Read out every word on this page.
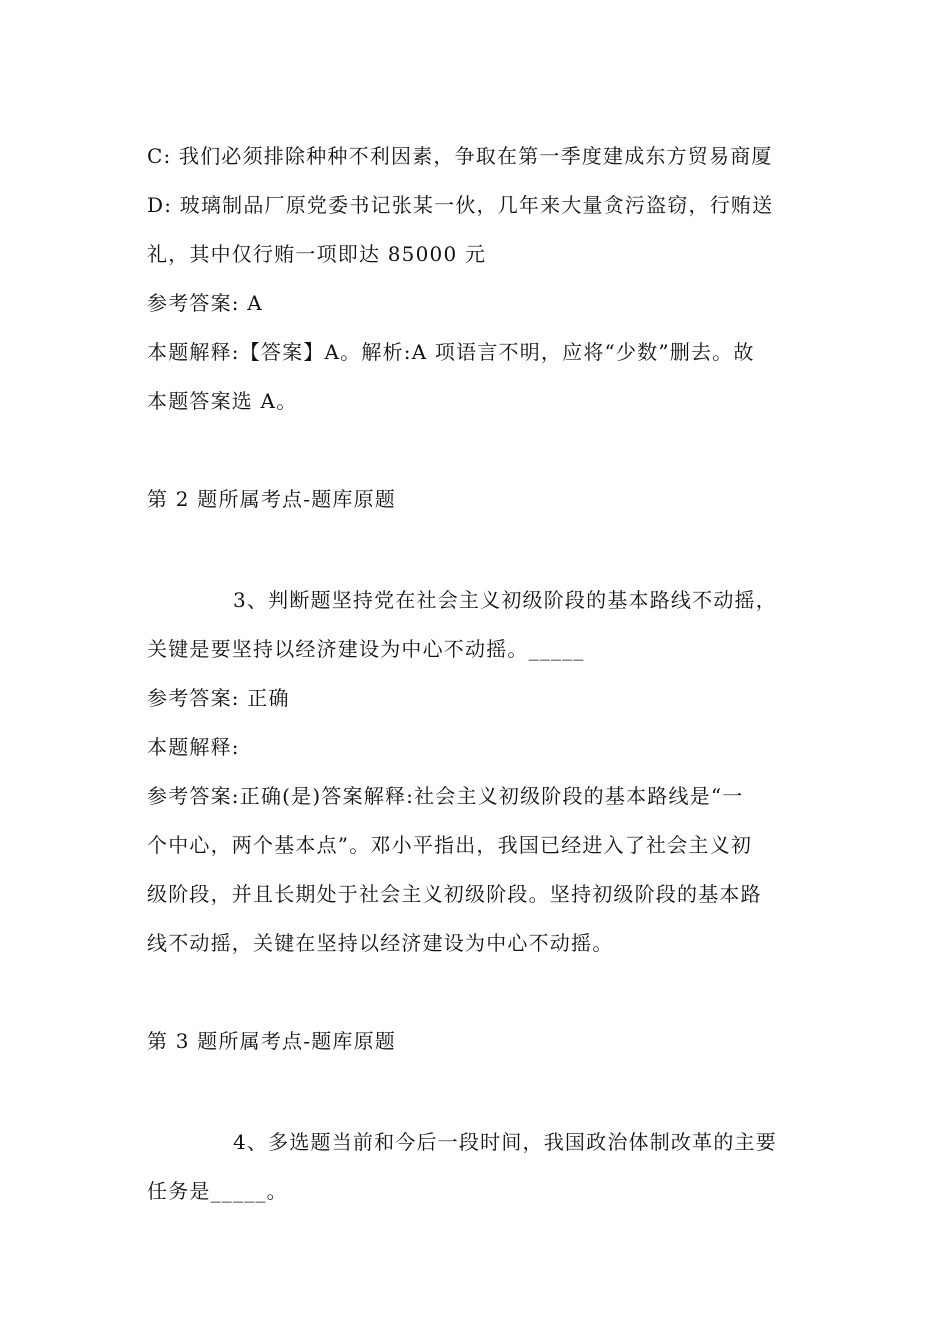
C: 我们必须排除种种不利因素，争取在第一季度建成东方贸易商厦
D: 玻璃制品厂原党委书记张某一伙，几年来大量贪污盗窃，行贿送
礼，其中仅行贿一项即达 85000 元
参考答案: A
本题解释:【答案】A。解析:A 项语言不明，应将“少数”删去。故
本题答案选 A。
第 2 题所属考点-题库原题
3、判断题坚持党在社会主义初级阶段的基本路线不动摇，
关键是要坚持以经济建设为中心不动摇。_____
参考答案: 正确
本题解释:
参考答案:正确(是)答案解释:社会主义初级阶段的基本路线是“一
个中心，两个基本点”。邓小平指出，我国已经进入了社会主义初
级阶段，并且长期处于社会主义初级阶段。坚持初级阶段的基本路
线不动摇，关键在坚持以经济建设为中心不动摇。
第 3 题所属考点-题库原题
4、多选题当前和今后一段时间，我国政治体制改革的主要
任务是_____。
